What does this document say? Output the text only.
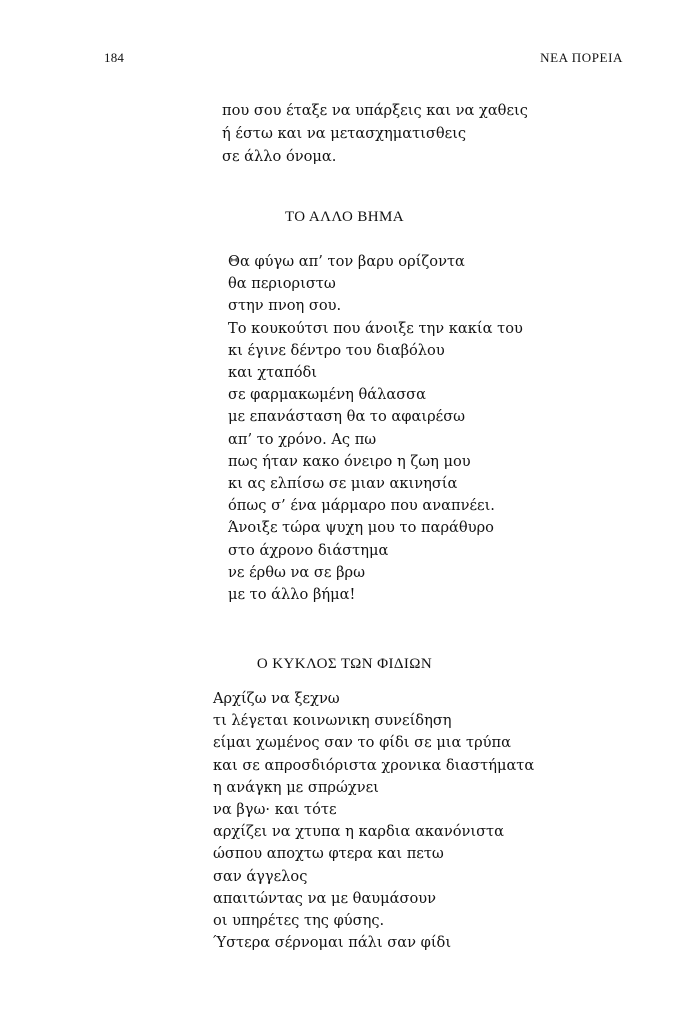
184	ΝΕΑ ΠΟΡΕΙΑ
που σου έταξε να υπάρξεις και να χαθεις
ή έστω και να μετασχηματισθεις
σε άλλο όνομα.
ΤΟ ΑΛΛΟ ΒΗΜΑ
Θα φύγω απ’ τον βαρυ ορίζοντα
θα περιοριστω
στην πνοη σου.
Το κουκούτσι που άνοιξε την κακία του
κι έγινε δέντρο του διαβόλου
και χταπόδι
σε φαρμακωμένη θάλασσα
με επανάσταση θα το αφαιρέσω
απ’ το χρόνο. Ας πω
πως ήταν κακο όνειρο η ζωη μου
κι ας ελπίσω σε μιαν ακινησία
όπως σ’ ένα μάρμαρο που αναπνέει.
Άνοιξε τώρα ψυχη μου το παράθυρο
στο άχρονο διάστημα
νε έρθω να σε βρω
με το άλλο βήμα!
Ο ΚΥΚΛΟΣ ΤΩΝ ΦΙΔΙΩΝ
Αρχίζω να ξεχνω
τι λέγεται κοινωνικη συνείδηση
είμαι χωμένος σαν το φίδι σε μια τρύπα
και σε απροσδιόριστα χρονικα διαστήματα
η ανάγκη με σπρώχνει
να βγω· και τότε
αρχίζει να χτυπα η καρδια ακανόνιστα
ώσπου αποχτω φτερα και πετω
σαν άγγελος
απαιτώντας να με θαυμάσουν
οι υπηρέτες της φύσης.
Ύστερα σέρνομαι πάλι σαν φίδι
